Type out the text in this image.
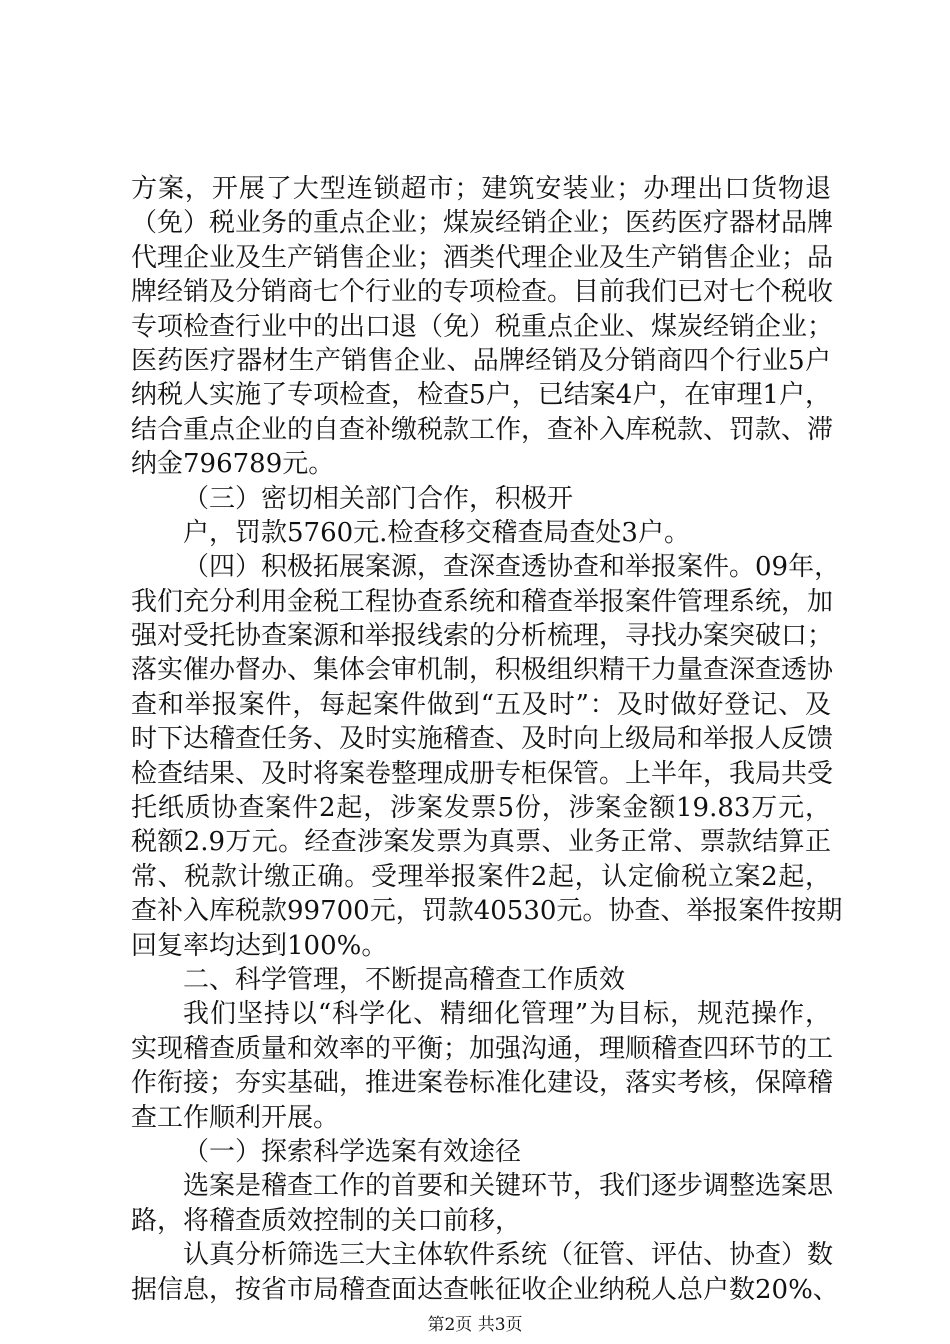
方案，开展了大型连锁超市；建筑安装业；办理出口货物退
（免）税业务的重点企业；煤炭经销企业；医药医疗器材品牌
代理企业及生产销售企业；酒类代理企业及生产销售企业；品
牌经销及分销商七个行业的专项检查。目前我们已对七个税收
专项检查行业中的出口退（免）税重点企业、煤炭经销企业；
医药医疗器材生产销售企业、品牌经销及分销商四个行业5户
纳税人实施了专项检查，检查5户，已结案4户，在审理1户，
结合重点企业的自查补缴税款工作，查补入库税款、罚款、滞
纳金796789元。
（三）密切相关部门合作，积极开
户，罚款5760元.检查移交稽查局查处3户。
（四）积极拓展案源，查深查透协查和举报案件。09年，
我们充分利用金税工程协查系统和稽查举报案件管理系统，加
强对受托协查案源和举报线索的分析梳理，寻找办案突破口；
落实催办督办、集体会审机制，积极组织精干力量查深查透协
查和举报案件，每起案件做到“五及时”：及时做好登记、及
时下达稽查任务、及时实施稽查、及时向上级局和举报人反馈
检查结果、及时将案卷整理成册专柜保管。上半年，我局共受
托纸质协查案件2起，涉案发票5份，涉案金额19.83万元，
税额2.9万元。经查涉案发票为真票、业务正常、票款结算正
常、税款计缴正确。受理举报案件2起，认定偷税立案2起，
查补入库税款99700元，罚款40530元。协查、举报案件按期
回复率均达到100%。
二、科学管理，不断提高稽查工作质效
我们坚持以“科学化、精细化管理”为目标，规范操作，
实现稽查质量和效率的平衡；加强沟通，理顺稽查四环节的工
作衔接；夯实基础，推进案卷标准化建设，落实考核，保障稽
查工作顺利开展。
（一）探索科学选案有效途径
选案是稽查工作的首要和关键环节，我们逐步调整选案思
路，将稽查质效控制的关口前移，
认真分析筛选三大主体软件系统（征管、评估、协查）数
据信息，按省市局稽查面达查帐征收企业纳税人总户数20%、
第2页 共3页
